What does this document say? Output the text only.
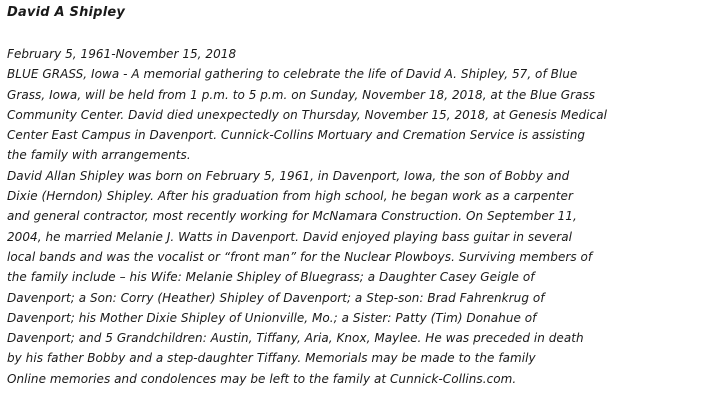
David A Shipley
February 5, 1961-November 15, 2018
BLUE GRASS, Iowa - A memorial gathering to celebrate the life of David A. Shipley, 57, of Blue
Grass, Iowa, will be held from 1 p.m. to 5 p.m. on Sunday, November 18, 2018, at the Blue Grass
Community Center. David died unexpectedly on Thursday, November 15, 2018, at Genesis Medical
Center East Campus in Davenport. Cunnick-Collins Mortuary and Cremation Service is assisting
the family with arrangements.
David Allan Shipley was born on February 5, 1961, in Davenport, Iowa, the son of Bobby and
Dixie (Herndon) Shipley. After his graduation from high school, he began work as a carpenter
and general contractor, most recently working for McNamara Construction. On September 11,
2004, he married Melanie J. Watts in Davenport. David enjoyed playing bass guitar in several
local bands and was the vocalist or “front man” for the Nuclear Plowboys. Surviving members of
the family include – his Wife: Melanie Shipley of Bluegrass; a Daughter Casey Geigle of
Davenport; a Son: Corry (Heather) Shipley of Davenport; a Step-son: Brad Fahrenkrug of
Davenport; his Mother Dixie Shipley of Unionville, Mo.; a Sister: Patty (Tim) Donahue of
Davenport; and 5 Grandchildren: Austin, Tiffany, Aria, Knox, Maylee. He was preceded in death
by his father Bobby and a step-daughter Tiffany. Memorials may be made to the family
Online memories and condolences may be left to the family at Cunnick-Collins.com.
